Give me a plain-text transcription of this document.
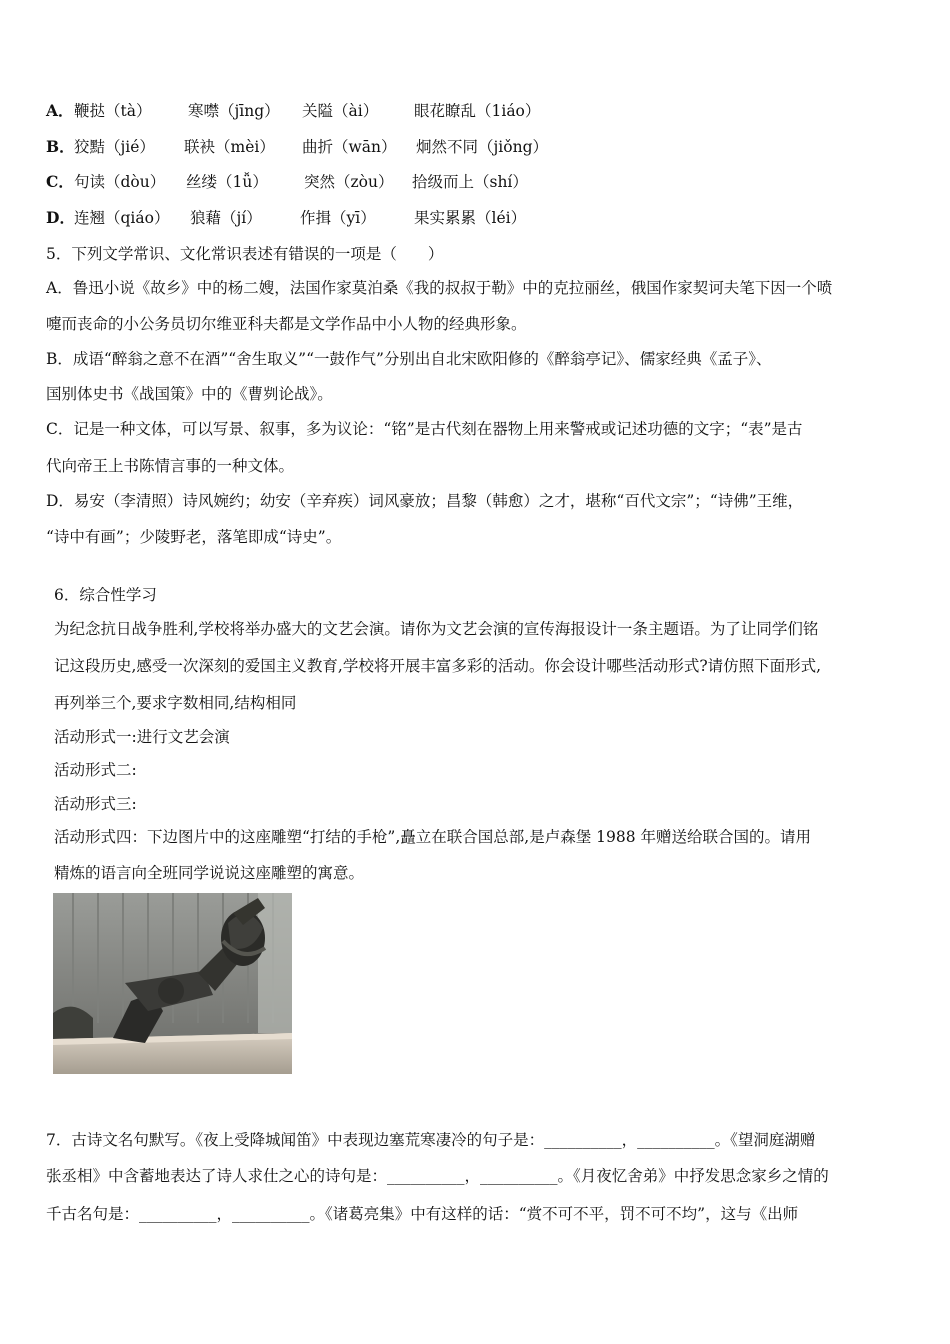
A． 鞭挞（tà） 寒噤（jīng） 关隘（ài） 眼花瞭乱（1iáo）
B． 狡黠（jié） 联袂（mèi） 曲折（wān） 炯然不同（jiǒng）
C． 句读（dòu） 丝缕（1ǚ） 突然（zòu） 拾级而上（shí）
D． 连翘（qiáo） 狼藉（jí） 作揖（yī） 果实累累（léi）
5．下列文学常识、文化常识表述有错误的一项是（　　）
A．鲁迅小说《故乡》中的杨二嫂，法国作家莫泊桑《我的叔叔于勒》中的克拉丽丝，俄国作家契诃夫笔下因一个喷
嚏而丧命的小公务员切尔维亚科夫都是文学作品中小人物的经典形象。
B．成语“醉翁之意不在酒”“舍生取义”“一鼓作气”分别出自北宋欧阳修的《醉翁亭记》、儒家经典《孟子》、
国别体史书《战国策》中的《曹刿论战》。
C．记是一种文体，可以写景、叙事，多为议论：“铭”是古代刻在器物上用来警戒或记述功德的文字；“表”是古
代向帝王上书陈情言事的一种文体。
D．易安（李清照）诗风婉约；幼安（辛弃疾）词风豪放；昌黎（韩愈）之才，堪称“百代文宗”；“诗佛”王维，
“诗中有画”；少陵野老，落笔即成“诗史”。
6．综合性学习
为纪念抗日战争胜利,学校将举办盛大的文艺会演。请你为文艺会演的宣传海报设计一条主题语。为了让同学们铭
记这段历史,感受一次深刻的爱国主义教育,学校将开展丰富多彩的活动。你会设计哪些活动形式?请仿照下面形式,
再列举三个,要求字数相同,结构相同
活动形式一:进行文艺会演
活动形式二:
活动形式三:
活动形式四：下边图片中的这座雕塑“打结的手枪”,矗立在联合国总部,是卢森堡 1988 年赠送给联合国的。请用
精炼的语言向全班同学说说这座雕塑的寓意。
7．古诗文名句默写。《夜上受降城闻笛》中表现边塞荒寒凄冷的句子是：__________，__________。《望洞庭湖赠
张丞相》中含蓄地表达了诗人求仕之心的诗句是：__________，__________。《月夜忆舍弟》中抒发思念家乡之情的
千古名句是：__________，__________。《诸葛亮集》中有这样的话：“赏不可不平，罚不可不均”，这与《出师
